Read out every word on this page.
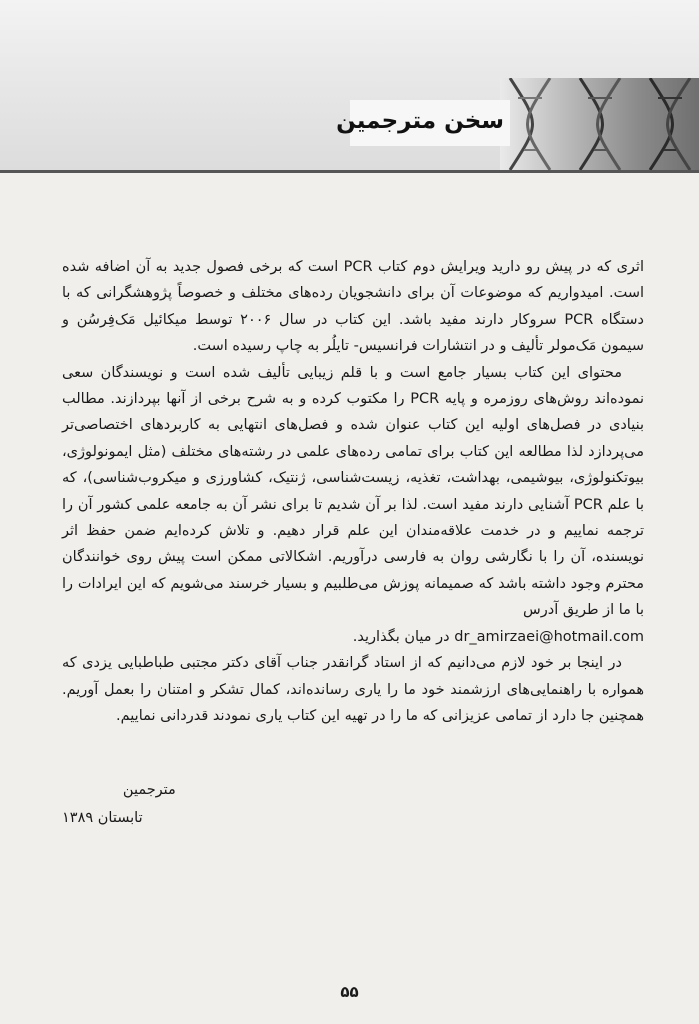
سخن مترجمین

اثری که در پیش رو دارید ویرایش دوم کتاب PCR است که برخی فصول جدید به آن اضافه شده است. امیدواریم که موضوعات آن برای دانشجویان رده‌های مختلف و خصوصاً پژوهشگرانی که با دستگاه PCR سروکار دارند مفید باشد. این کتاب در سال ۲۰۰۶ توسط میکائیل مَک‌فِرسُن و سیمون مَک‌مولر تألیف و در انتشارات فرانسیس- تایلُر به چاپ رسیده است.

محتوای این کتاب بسیار جامع است و با قلم زیبایی تألیف شده است و نویسندگان سعی نموده‌اند روش‌های روزمره و پایه PCR را مکتوب کرده و به شرح برخی از آنها بپردازند. مطالب بنیادی در فصل‌های اولیه این کتاب عنوان شده و فصل‌های انتهایی به کاربردهای اختصاصی‌تر می‌پردازد لذا مطالعه این کتاب برای تمامی رده‌های علمی در رشته‌های مختلف (مثل ایمونولوژی، بیوتکنولوژی، بیوشیمی، بهداشت، تغذیه، زیست‌شناسی، ژنتیک، کشاورزی و میکروب‌شناسی)، که با علم PCR آشنایی دارند مفید است. لذا بر آن شدیم تا برای نشر آن به جامعه علمی کشور آن را ترجمه نماییم و در خدمت علاقه‌مندان این علم قرار دهیم. و تلاش کرده‌ایم ضمن حفظ اثر نویسنده، آن را با نگارشی روان به فارسی درآوریم. اشکالاتی ممکن است پیش روی خوانندگان محترم وجود داشته باشد که صمیمانه پوزش می‌طلبیم و بسیار خرسند می‌شویم که این ایرادات را با ما از طریق آدرس

dr_amirzaei@hotmail.com در میان بگذارید.

در اینجا بر خود لازم می‌دانیم که از استاد گرانقدر جناب آقای دکتر مجتبی طباطبایی یزدی که همواره با راهنمایی‌های ارزشمند خود ما را یاری رسانده‌اند، کمال تشکر و امتنان را بعمل آوریم. همچنین جا دارد از تمامی عزیزانی که ما را در تهیه این کتاب یاری نمودند قدردانی نماییم.

مترجمین
تابستان ۱۳۸۹
۵۵
